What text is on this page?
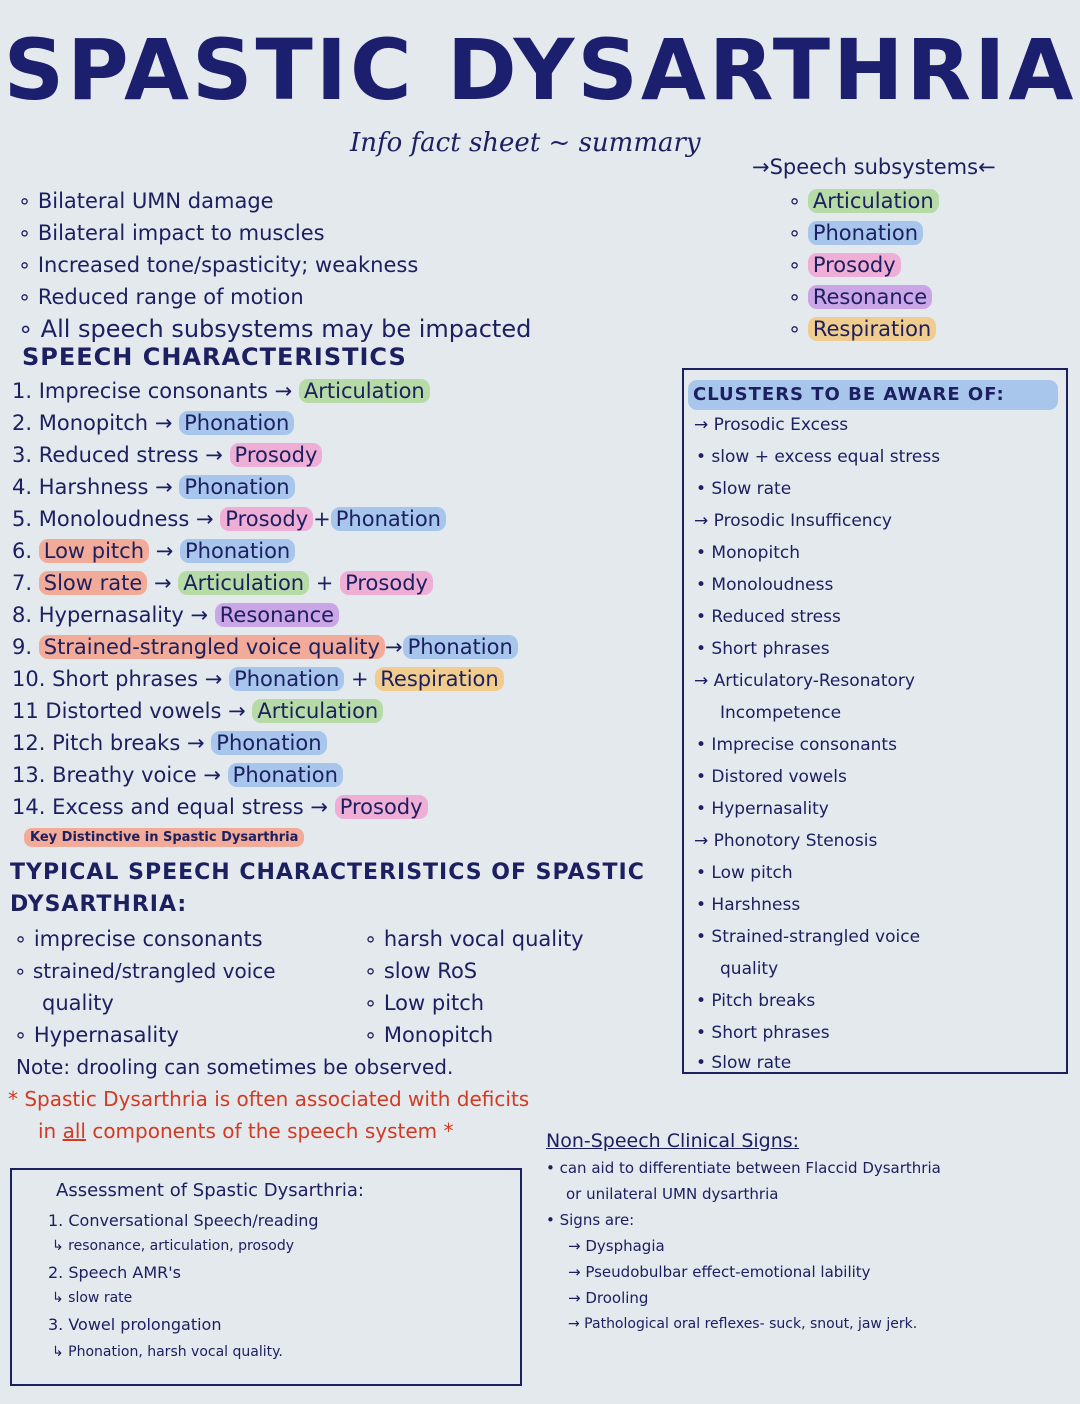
SPASTIC DYSARTHRIA
Info fact sheet ~ summary
∘ Bilateral UMN damage
∘ Bilateral impact to muscles
∘ Increased tone/spasticity; weakness
∘ Reduced range of motion
∘ All speech subsystems may be impacted
→Speech subsystems←
∘ Articulation
∘ Phonation
∘ Prosody
∘ Resonance
∘ Respiration
SPEECH CHARACTERISTICS
1. Imprecise consonants → Articulation
2. Monopitch → Phonation
3. Reduced stress → Prosody
4. Harshness → Phonation
5. Monoloudness → Prosody + Phonation
6. Low pitch → Phonation
7. Slow rate → Articulation + Prosody
8. Hypernasality → Resonance
9. Strained-strangled voice quality → Phonation
10. Short phrases → Phonation + Respiration
11 Distorted vowels → Articulation
12. Pitch breaks → Phonation
13. Breathy voice → Phonation
14. Excess and equal stress → Prosody
Key Distinctive in Spastic Dysarthria
TYPICAL SPEECH CHARACTERISTICS OF SPASTIC
DYSARTHRIA:
∘ imprecise consonants
∘ strained/strangled voice
quality
∘ Hypernasality
∘ harsh vocal quality
∘ slow RoS
∘ Low pitch
∘ Monopitch
Note: drooling can sometimes be observed.
* Spastic Dysarthria is often associated with deficits
in all components of the speech system *
CLUSTERS TO BE AWARE OF:
→ Prosodic Excess
• slow + excess equal stress
• Slow rate
→ Prosodic Insufficency
• Monopitch
• Monoloudness
• Reduced stress
• Short phrases
→ Articulatory-Resonatory
Incompetence
• Imprecise consonants
• Distored vowels
• Hypernasality
→ Phonotory Stenosis
• Low pitch
• Harshness
• Strained-strangled voice
quality
• Pitch breaks
• Short phrases
• Slow rate
Assessment of Spastic Dysarthria:
1. Conversational Speech/reading
↳ resonance, articulation, prosody
2. Speech AMR's
↳ slow rate
3. Vowel prolongation
↳ Phonation, harsh vocal quality.
Non-Speech Clinical Signs:
• can aid to differentiate between Flaccid Dysarthria
or unilateral UMN dysarthria
• Signs are:
→ Dysphagia
→ Pseudobulbar effect-emotional lability
→ Drooling
→ Pathological oral reflexes- suck, snout, jaw jerk.
